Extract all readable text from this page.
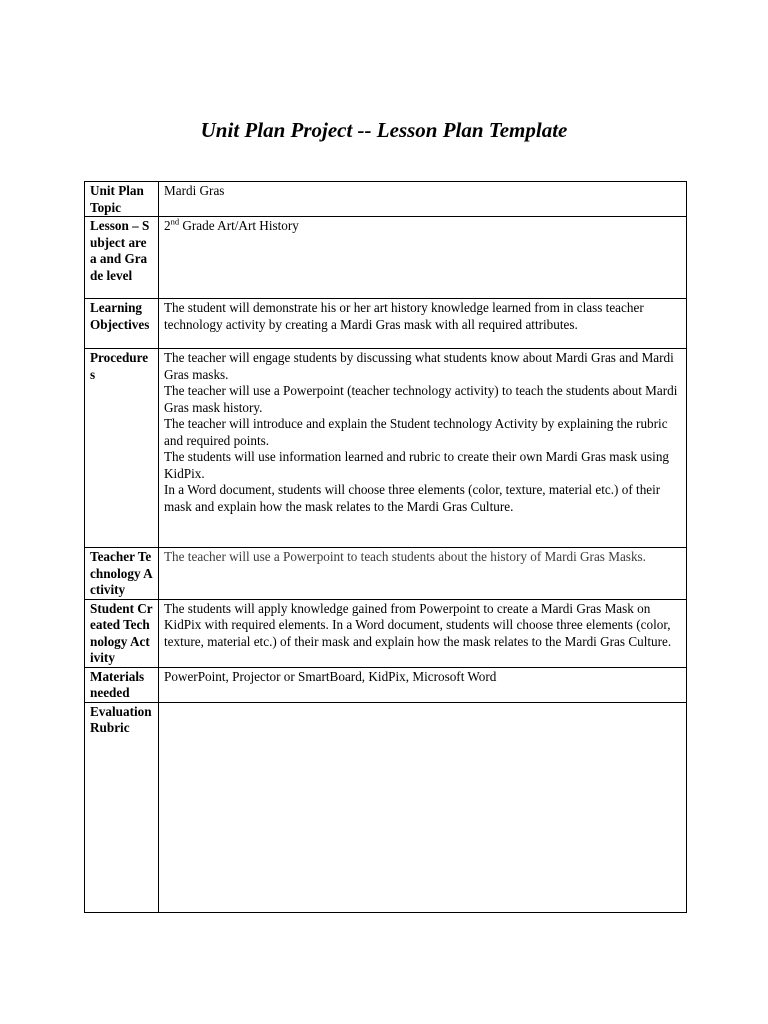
Unit Plan Project -- Lesson Plan Template
Unit Plan Topic	Mardi Gras
Lesson – Subject area and Grade level	2nd Grade Art/Art History
Learning Objectives	The student will demonstrate his or her art history knowledge learned from in class teacher technology activity by creating a Mardi Gras mask with all required attributes.
Procedures	The teacher will engage students by discussing what students know about Mardi Gras and Mardi Gras masks.
The teacher will use a Powerpoint (teacher technology activity) to teach the students about Mardi Gras mask history.
The teacher will introduce and explain the Student technology Activity by explaining the rubric and required points.
The students will use information learned and rubric to create their own Mardi Gras mask using KidPix.
In a Word document, students will choose three elements (color, texture, material etc.) of their mask and explain how the mask relates to the Mardi Gras Culture.

Teacher Technology Activity	The teacher will use a Powerpoint to teach students about the history of Mardi Gras Masks.
Student Created Technology Activity	The students will apply knowledge gained from Powerpoint to create a Mardi Gras Mask on KidPix with required elements. In a Word document, students will choose three elements (color, texture, material etc.) of their mask and explain how the mask relates to the Mardi Gras Culture.
Materials needed	PowerPoint, Projector or SmartBoard, KidPix, Microsoft Word
Evaluation Rubric	
